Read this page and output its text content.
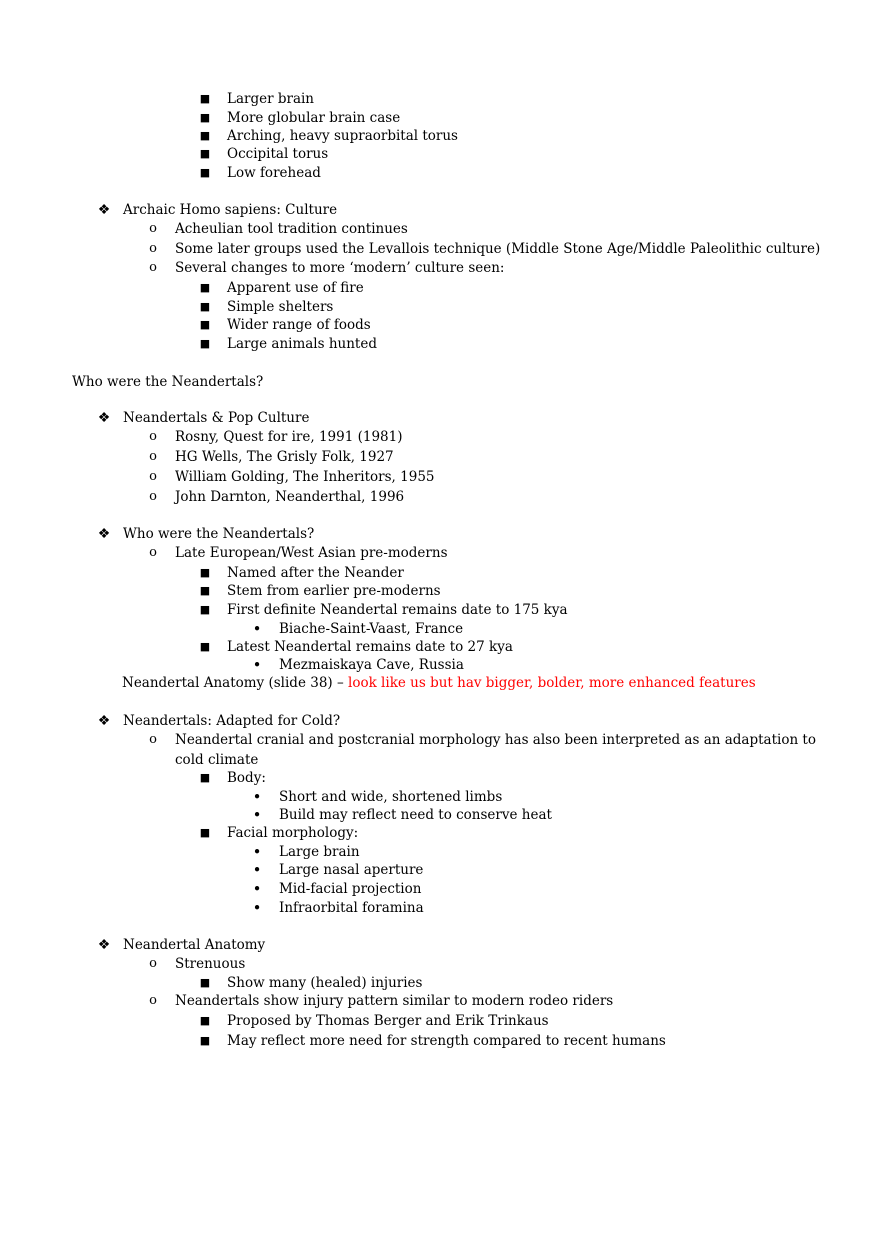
■ Larger brain
■ More globular brain case
■ Arching, heavy supraorbital torus
■ Occipital torus
■ Low forehead
❖ Archaic Homo sapiens: Culture
o Acheulian tool tradition continues
o Some later groups used the Levallois technique (Middle Stone Age/Middle Paleolithic culture)
o Several changes to more ‘modern’ culture seen:
■ Apparent use of fire
■ Simple shelters
■ Wider range of foods
■ Large animals hunted
Who were the Neandertals?
❖ Neandertals & Pop Culture
o Rosny, Quest for ire, 1991 (1981)
o HG Wells, The Grisly Folk, 1927
o William Golding, The Inheritors, 1955
o John Darnton, Neanderthal, 1996
❖ Who were the Neandertals?
o Late European/West Asian pre-moderns
■ Named after the Neander
■ Stem from earlier pre-moderns
■ First definite Neandertal remains date to 175 kya
• Biache-Saint-Vaast, France
■ Latest Neandertal remains date to 27 kya
• Mezmaiskaya Cave, Russia
Neandertal Anatomy (slide 38) – look like us but hav bigger, bolder, more enhanced features
❖ Neandertals: Adapted for Cold?
o Neandertal cranial and postcranial morphology has also been interpreted as an adaptation to
cold climate
■ Body:
• Short and wide, shortened limbs
• Build may reflect need to conserve heat
■ Facial morphology:
• Large brain
• Large nasal aperture
• Mid-facial projection
• Infraorbital foramina
❖ Neandertal Anatomy
o Strenuous
■ Show many (healed) injuries
o Neandertals show injury pattern similar to modern rodeo riders
■ Proposed by Thomas Berger and Erik Trinkaus
■ May reflect more need for strength compared to recent humans
